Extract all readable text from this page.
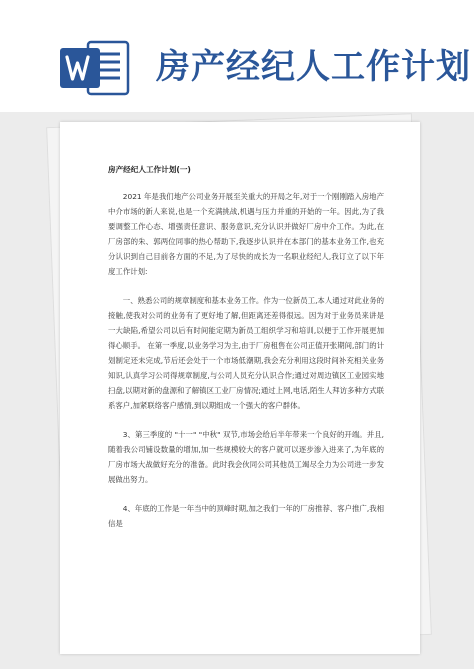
房产经纪人工作计划
房产经纪人工作计划(一)

2021 年是我们地产公司业务开展至关重大的开局之年,对于一个刚刚踏入房地产中介市场的新人来说,也是一个充满挑战,机遇与压力并重的开始的一年。因此,为了我要调整工作心态、增强责任意识、服务意识,充分认识并做好厂房中介工作。为此,在厂房部的朱、郭两位同事的热心帮助下,我逐步认识并在本部门的基本业务工作,也充分认识到自己目前各方面的不足,为了尽快的成长为一名职业经纪人,我订立了以下年度工作计划:

一、熟悉公司的规章制度和基本业务工作。作为一位新员工,本人通过对此业务的接触,使我对公司的业务有了更好地了解,但距离还差得很远。因为对于业务员来讲是一大缺陷,希望公司以后有时间能定期为新员工组织学习和培训,以便于工作开展更加得心顺手。 在第一季度,以业务学习为主,由于厂房租售在公司正值开张期间,部门的计划制定还未完成,节后还会处于一个市场低潮期,我会充分利用这段时间补充相关业务知识,认真学习公司得规章制度,与公司人员充分认识合作;通过对周边镇区工业园实地扫盘,以期对新的盘源和了解镇区工业厂房情况;通过上网,电话,陌生人拜访多种方式联系客户,加紧联络客户感情,到以期组成一个强大的客户群体。

3、第三季度的 "十一" "中秋" 双节,市场会给后半年带来一个良好的开端。并且,随着我公司铺设数量的增加,加一些规模较大的客户就可以逐步渗入进来了,为年底的厂房市场大战做好充分的准备。此时我会伙同公司其他员工竭尽全力为公司进一步发展做出努力。

4、年底的工作是一年当中的顶峰时期,加之我们一年的厂房推荐、客户推广,我相信是
